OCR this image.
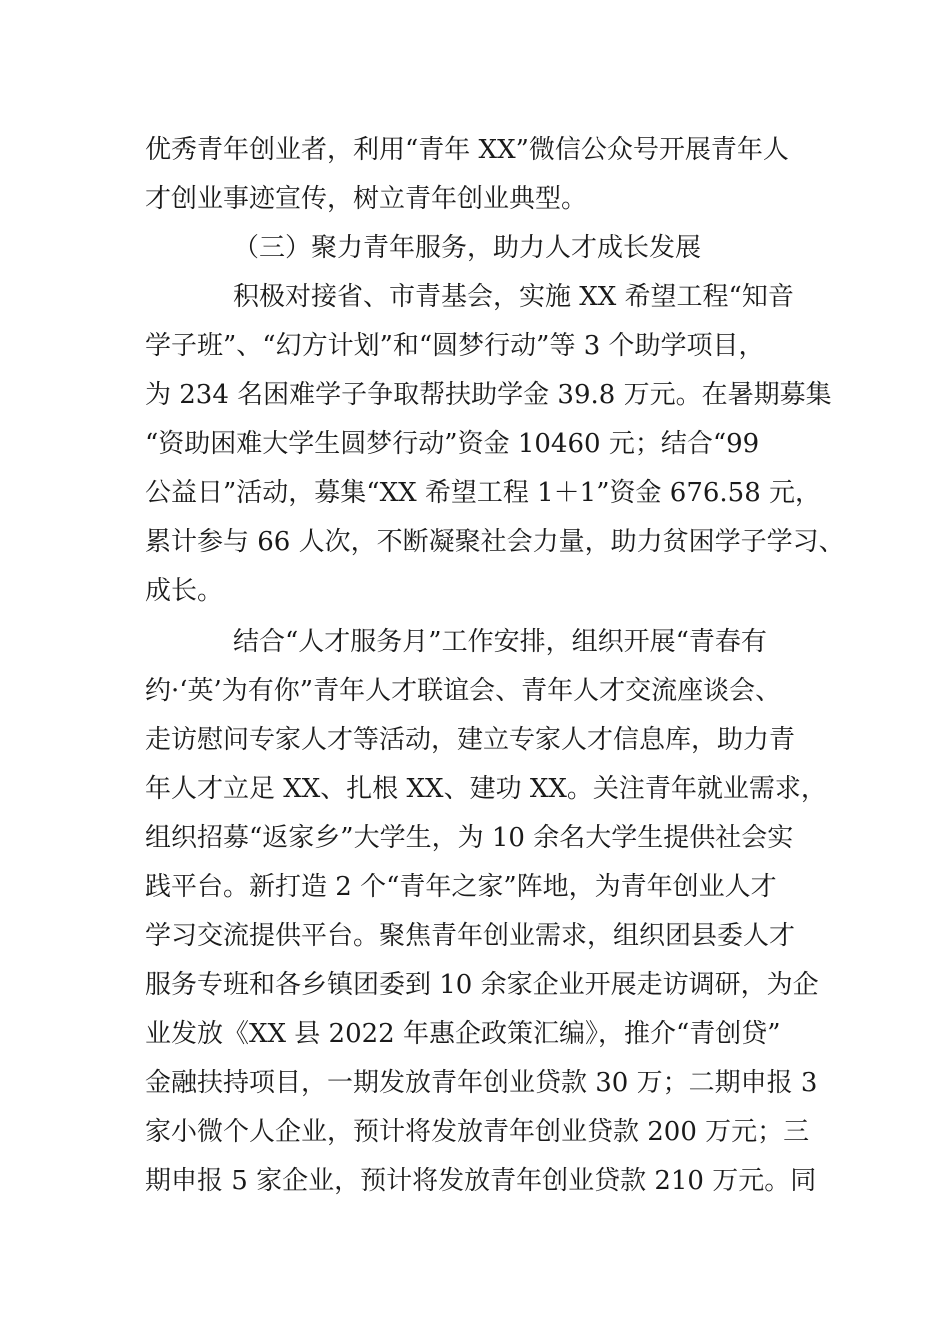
优秀青年创业者，利用“青年 XX”微信公众号开展青年人
才创业事迹宣传，树立青年创业典型。
（三）聚力青年服务，助力人才成长发展
积极对接省、市青基会，实施 XX 希望工程“知音
学子班”、“幻方计划”和“圆梦行动”等 3 个助学项目，
为 234 名困难学子争取帮扶助学金 39.8 万元。在暑期募集
“资助困难大学生圆梦行动”资金 10460 元；结合“99
公益日”活动，募集“XX 希望工程 1＋1”资金 676.58 元，
累计参与 66 人次，不断凝聚社会力量，助力贫困学子学习、
成长。
结合“人才服务月”工作安排，组织开展“青春有
约·‘英’为有你”青年人才联谊会、青年人才交流座谈会、
走访慰问专家人才等活动，建立专家人才信息库，助力青
年人才立足 XX、扎根 XX、建功 XX。关注青年就业需求，
组织招募“返家乡”大学生，为 10 余名大学生提供社会实
践平台。新打造 2 个“青年之家”阵地，为青年创业人才
学习交流提供平台。聚焦青年创业需求，组织团县委人才
服务专班和各乡镇团委到 10 余家企业开展走访调研，为企
业发放《XX 县 2022 年惠企政策汇编》，推介“青创贷”
金融扶持项目，一期发放青年创业贷款 30 万；二期申报 3
家小微个人企业，预计将发放青年创业贷款 200 万元；三
期申报 5 家企业，预计将发放青年创业贷款 210 万元。同
